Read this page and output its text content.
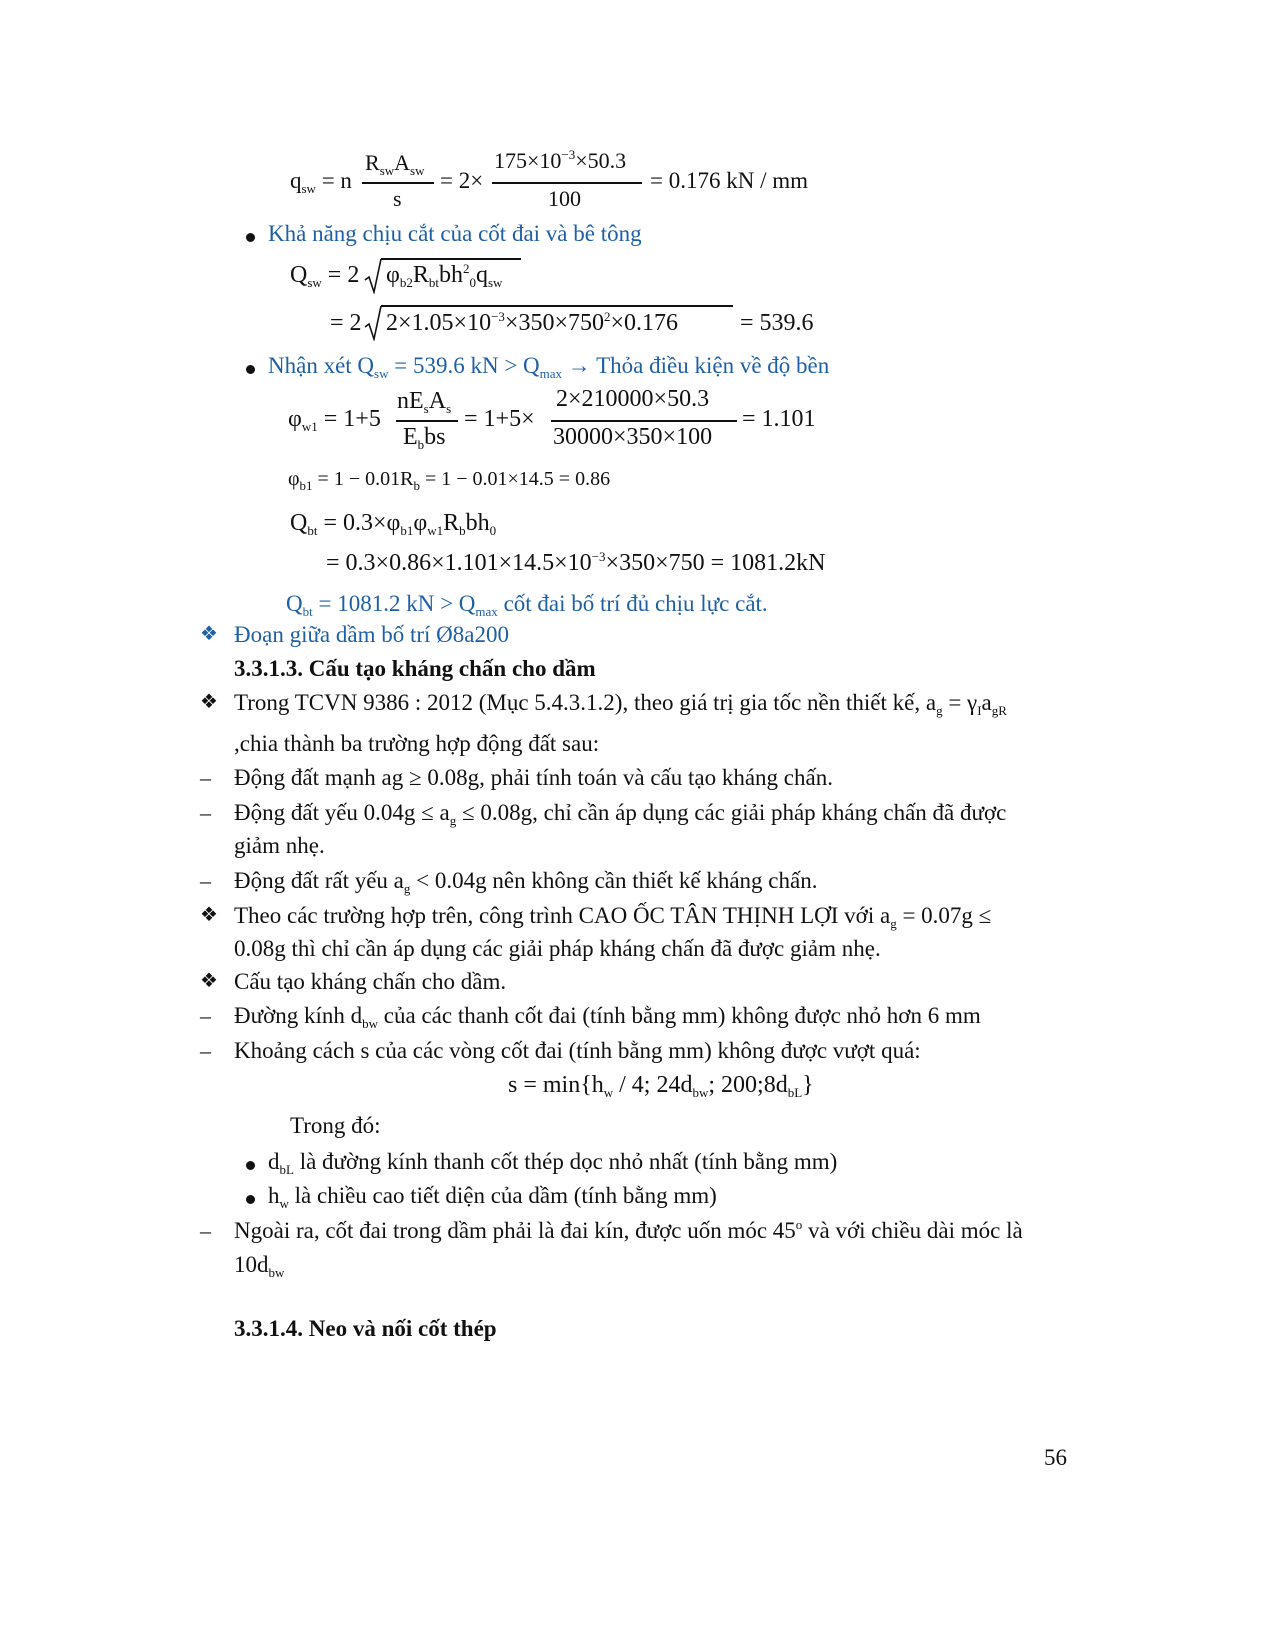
$q_{sw} = n$
$R_{sw}A_{sw}$
s
= 2×
$175\times 10^{-3}\times 50.3$
100
= 0.176 kN / mm
Khả năng chịu cắt của cốt đai và bê tông
$Q_{sw} = 2$ $\varphi_{b2}R_{bt}bh^2_0q_{sw}$
= 2 $2\times 1.05\times 10^{-3}\times 350\times 750^2\times 0.176$	= 539.6
Nhận xét $Q_{sw} = 539.6$ kN > $Q_{max}$ → Thỏa điều kiện về độ bền
$\varphi_{w1} = 1+5$
$nE_sA_s$
$E_bbs$
= 1+5×
2×210000×50.3
30000×350×100
= 1.101
$\varphi_{b1} = 1 - 0.01R_b = 1 - 0.01\times 14.5 = 0.86$
$Q_{bt} = 0.3\times\varphi_{b1}\varphi_{w1}R_bbh_0$
= $0.3\times 0.86\times 1.101\times 14.5\times 10^{-3}\times 350\times 750 = 1081.2kN$
$Q_{bt} = 1081.2$ kN > $Q_{max}$ cốt đai bố trí đủ chịu lực cắt.
❖ Đoạn giữa dầm bố trí Ø8a200
3.3.1.3. Cấu tạo kháng chấn cho dầm
❖ Trong TCVN 9386 : 2012 (Mục 5.4.3.1.2), theo giá trị gia tốc nền thiết kế, $a_g = \gamma_Ia_{gR}$
,chia thành ba trường hợp động đất sau:
– Động đất mạnh ag ≥ 0.08g, phải tính toán và cấu tạo kháng chấn.
– Động đất yếu $0.04g \le a_g \le 0.08g$, chỉ cần áp dụng các giải pháp kháng chấn đã được
giảm nhẹ.
– Động đất rất yếu $a_g < 0.04g$ nên không cần thiết kế kháng chấn.
❖ Theo các trường hợp trên, công trình CAO ỐC TÂN THỊNH LỢI với $a_g = 0.07g$ ≤
0.08g thì chỉ cần áp dụng các giải pháp kháng chấn đã được giảm nhẹ.
❖ Cấu tạo kháng chấn cho dầm.
– Đường kính $d_{bw}$ của các thanh cốt đai (tính bằng mm) không được nhỏ hơn 6 mm
– Khoảng cách s của các vòng cốt đai (tính bằng mm) không được vượt quá:
$s = \min\{h_w / 4$; $24d_{bw}$; $200;8d_{bL}$}
Trong đó:
$d_{bL}$ là đường kính thanh cốt thép dọc nhỏ nhất (tính bằng mm)
$h_w$ là chiều cao tiết diện của dầm (tính bằng mm)
– Ngoài ra, cốt đai trong dầm phải là đai kín, được uốn móc 45$^o$ và với chiều dài móc là
$10d_{bw}$
3.3.1.4. Neo và nối cốt thép
56
